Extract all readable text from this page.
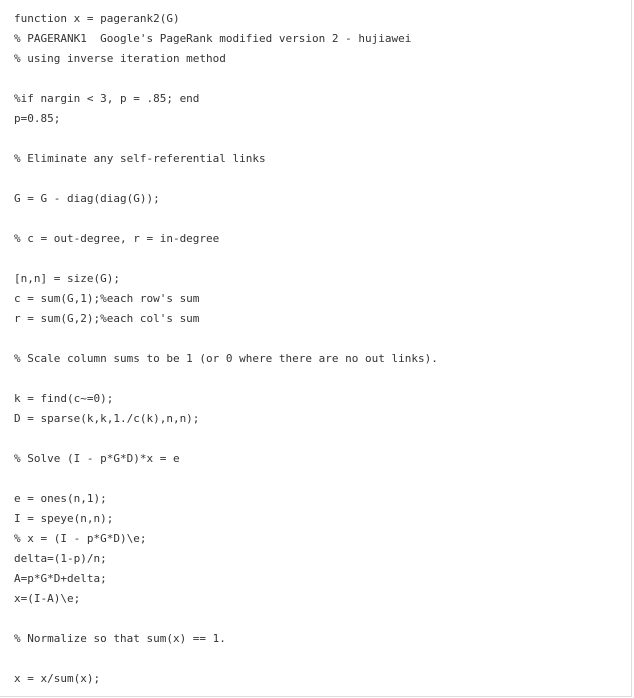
function x = pagerank2(G)
% PAGERANK1  Google's PageRank modified version 2 - hujiawei
% using inverse iteration method
%if nargin < 3, p = .85; end
p=0.85;
% Eliminate any self-referential links
G = G - diag(diag(G));
% c = out-degree, r = in-degree
[n,n] = size(G);
c = sum(G,1);%each row's sum
r = sum(G,2);%each col's sum
% Scale column sums to be 1 (or 0 where there are no out links).
k = find(c~=0);
D = sparse(k,k,1./c(k),n,n);
% Solve (I - p*G*D)*x = e
e = ones(n,1);
I = speye(n,n);
% x = (I - p*G*D)\e;
delta=(1-p)/n;
A=p*G*D+delta;
x=(I-A)\e;
% Normalize so that sum(x) == 1.
x = x/sum(x);
